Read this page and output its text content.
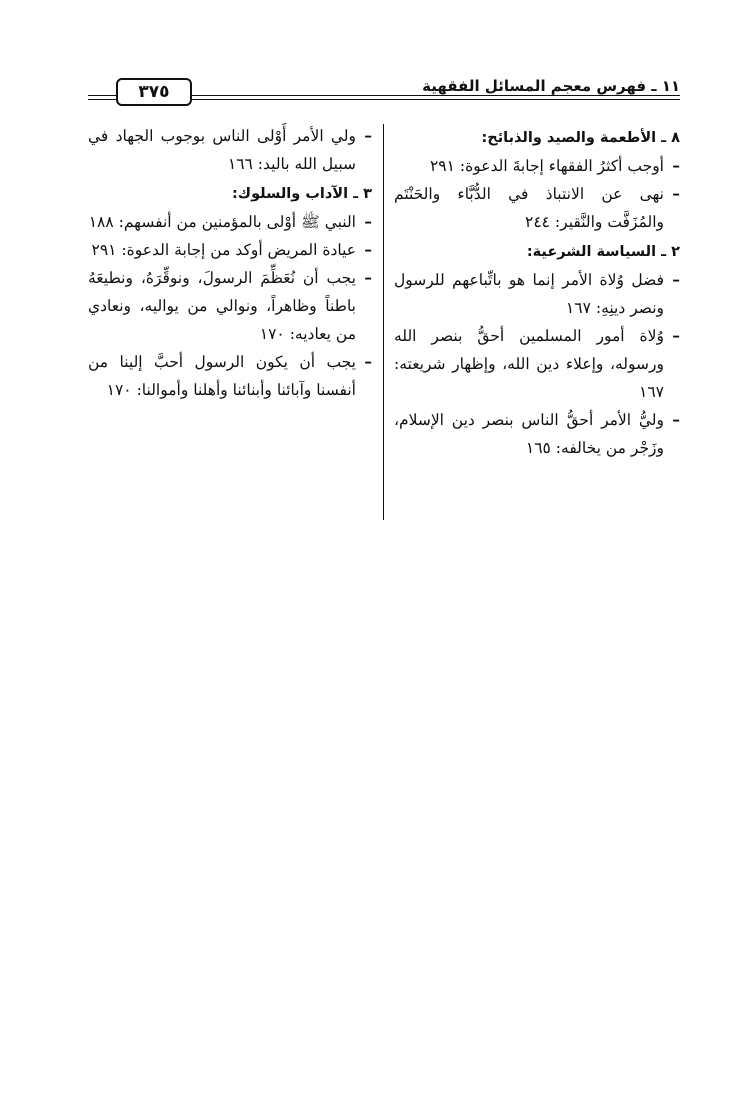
١١ ـ فهرس معجم المسائل الفقهية
٣٧٥
٨ ـ الأطعمة والصيد والذبائح:
– أوجب أكثرُ الفقهاء إجابةَ الدعوة: ٢٩١
– نهى عن الانتباذ في الدُّبَّاء والحَنْتَم والمُزَفَّت والنَّقير: ٢٤٤
٢ ـ السياسة الشرعية:
– فضل وُلاة الأمر إنما هو باتِّباعهم للرسول ونصر دينِهِ: ١٦٧
– وُلاة أمور المسلمين أحقُّ بنصر الله ورسوله، وإعلاء دين الله، وإظهار شريعته: ١٦٧
– وليُّ الأمر أحقُّ الناس بنصر دين الإسلام، وزَجْر من يخالفه: ١٦٥
– ولي الأمر أَوْلى الناس بوجوب الجهاد في سبيل الله باليد: ١٦٦
٣ ـ الآداب والسلوك:
– النبي ﷺ أوْلى بالمؤمنين من أنفسهم: ١٨٨
– عيادة المريض أوكد من إجابة الدعوة: ٢٩١
– يجب أن نُعَظِّمَ الرسولَ، ونوقِّرَهُ، ونطيعَهُ باطناً وظاهراً، ونوالي من يواليه، ونعادي من يعاديه: ١٧٠
– يجب أن يكون الرسول أحبَّ إلينا من أنفسنا وآبائنا وأبنائنا وأهلنا وأموالنا: ١٧٠
